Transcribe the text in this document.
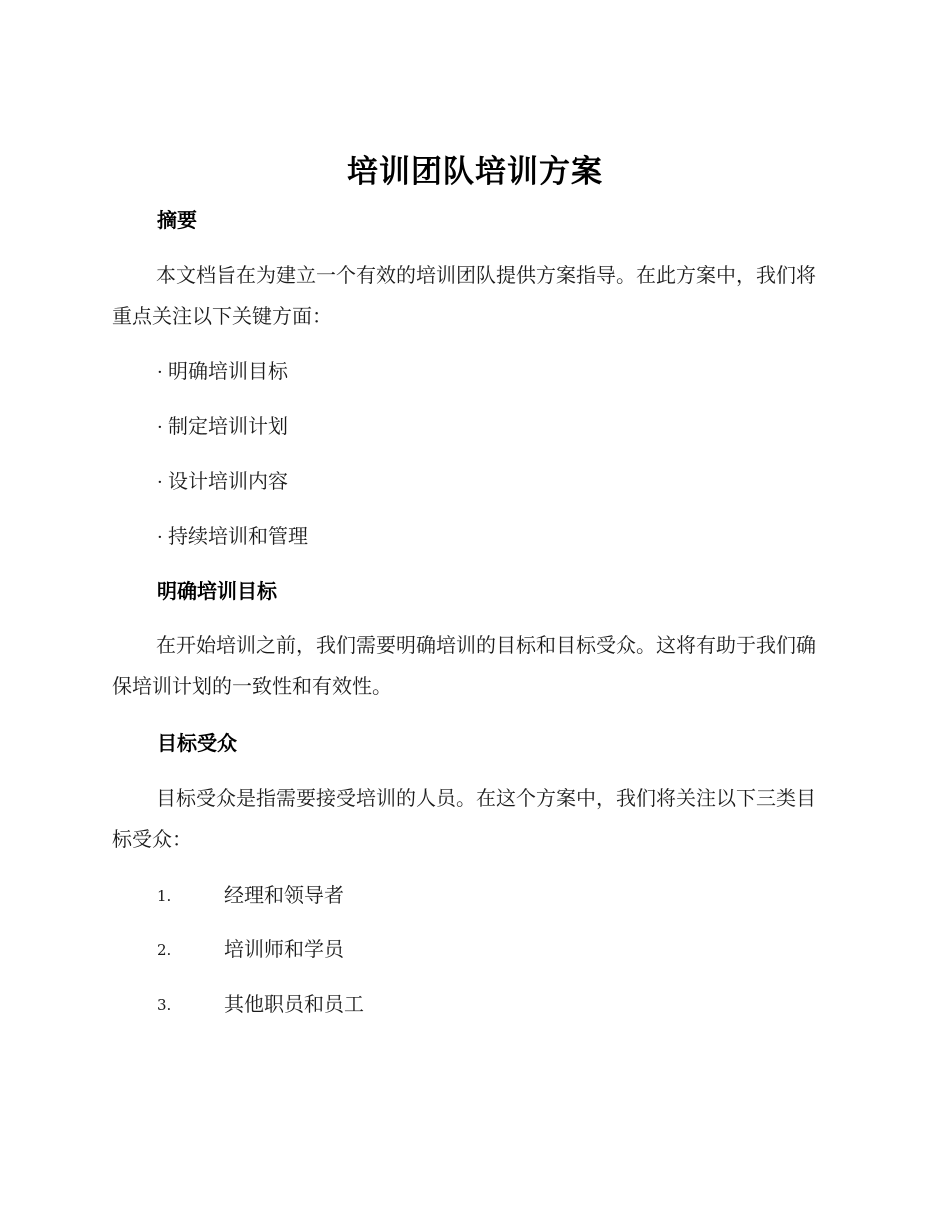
培训团队培训方案
摘要
本文档旨在为建立一个有效的培训团队提供方案指导。在此方案中，我们将重点关注以下关键方面：
· 明确培训目标
· 制定培训计划
· 设计培训内容
· 持续培训和管理
明确培训目标
在开始培训之前，我们需要明确培训的目标和目标受众。这将有助于我们确保培训计划的一致性和有效性。
目标受众
目标受众是指需要接受培训的人员。在这个方案中，我们将关注以下三类目标受众：
1.	经理和领导者
2.	培训师和学员
3.	其他职员和员工
